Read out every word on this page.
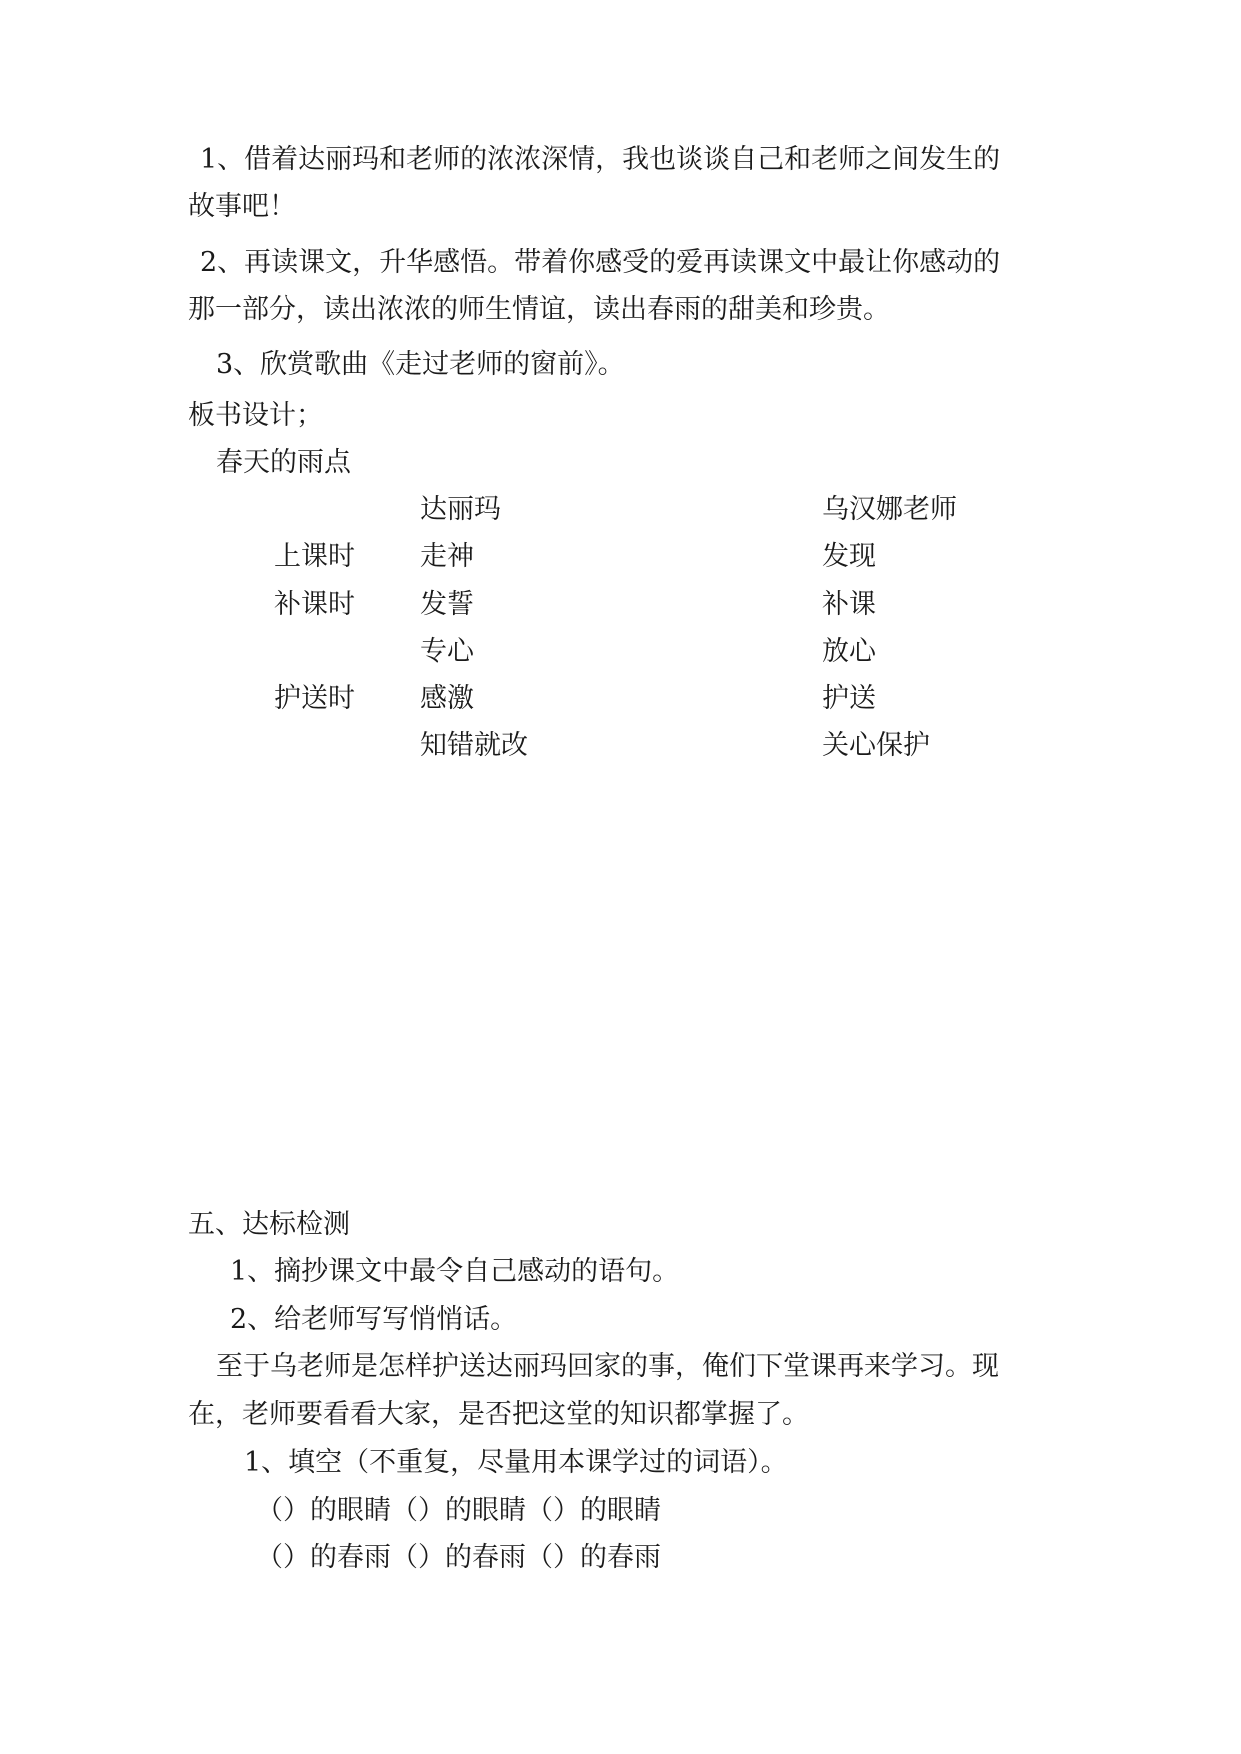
1、借着达丽玛和老师的浓浓深情，我也谈谈自己和老师之间发生的
故事吧！
2、再读课文，升华感悟。带着你感受的爱再读课文中最让你感动的
那一部分，读出浓浓的师生情谊，读出春雨的甜美和珍贵。
3、欣赏歌曲《走过老师的窗前》。
板书设计；
春天的雨点
达丽玛	乌汉娜老师
上课时 走神	发现
补课时 发誓	补课
专心	放心
护送时 感激	护送
知错就改	关心保护
五、达标检测
1、摘抄课文中最令自己感动的语句。
2、给老师写写悄悄话。
至于乌老师是怎样护送达丽玛回家的事，俺们下堂课再来学习。现
在，老师要看看大家，是否把这堂的知识都掌握了。
1、填空（不重复，尽量用本课学过的词语）。
（）的眼睛（）的眼睛（）的眼睛
（）的春雨（）的春雨（）的春雨
